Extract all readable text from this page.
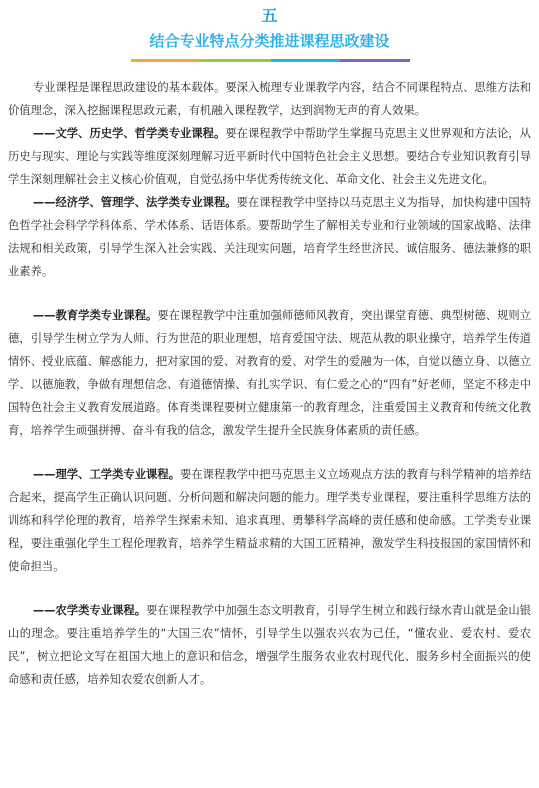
五
结合专业特点分类推进课程思政建设

专业课程是课程思政建设的基本载体。要深入梳理专业课教学内容，结合不同课程特点、思维方法和价值理念，深入挖掘课程思政元素，有机融入课程教学，达到润物无声的育人效果。

——文学、历史学、哲学类专业课程。要在课程教学中帮助学生掌握马克思主义世界观和方法论，从历史与现实、理论与实践等维度深刻理解习近平新时代中国特色社会主义思想。要结合专业知识教育引导学生深刻理解社会主义核心价值观，自觉弘扬中华优秀传统文化、革命文化、社会主义先进文化。

——经济学、管理学、法学类专业课程。要在课程教学中坚持以马克思主义为指导，加快构建中国特色哲学社会科学学科体系、学术体系、话语体系。要帮助学生了解相关专业和行业领域的国家战略、法律法规和相关政策，引导学生深入社会实践、关注现实问题，培育学生经世济民、诚信服务、德法兼修的职业素养。

——教育学类专业课程。要在课程教学中注重加强师德师风教育，突出课堂育德、典型树德、规则立德，引导学生树立学为人师、行为世范的职业理想，培育爱国守法、规范从教的职业操守，培养学生传道情怀、授业底蕴、解惑能力，把对家国的爱、对教育的爱、对学生的爱融为一体，自觉以德立身、以德立学、以德施教，争做有理想信念、有道德情操、有扎实学识、有仁爱之心的“四有”好老师，坚定不移走中国特色社会主义教育发展道路。体育类课程要树立健康第一的教育理念，注重爱国主义教育和传统文化教育，培养学生顽强拼搏、奋斗有我的信念，激发学生提升全民族身体素质的责任感。

——理学、工学类专业课程。要在课程教学中把马克思主义立场观点方法的教育与科学精神的培养结合起来，提高学生正确认识问题、分析问题和解决问题的能力。理学类专业课程，要注重科学思维方法的训练和科学伦理的教育，培养学生探索未知、追求真理、勇攀科学高峰的责任感和使命感。工学类专业课程，要注重强化学生工程伦理教育，培养学生精益求精的大国工匠精神，激发学生科技报国的家国情怀和使命担当。

——农学类专业课程。要在课程教学中加强生态文明教育，引导学生树立和践行绿水青山就是金山银山的理念。要注重培养学生的“大国三农”情怀，引导学生以强农兴农为己任，“懂农业、爱农村、爱农民”，树立把论文写在祖国大地上的意识和信念，增强学生服务农业农村现代化、服务乡村全面振兴的使命感和责任感，培养知农爱农创新人才。
